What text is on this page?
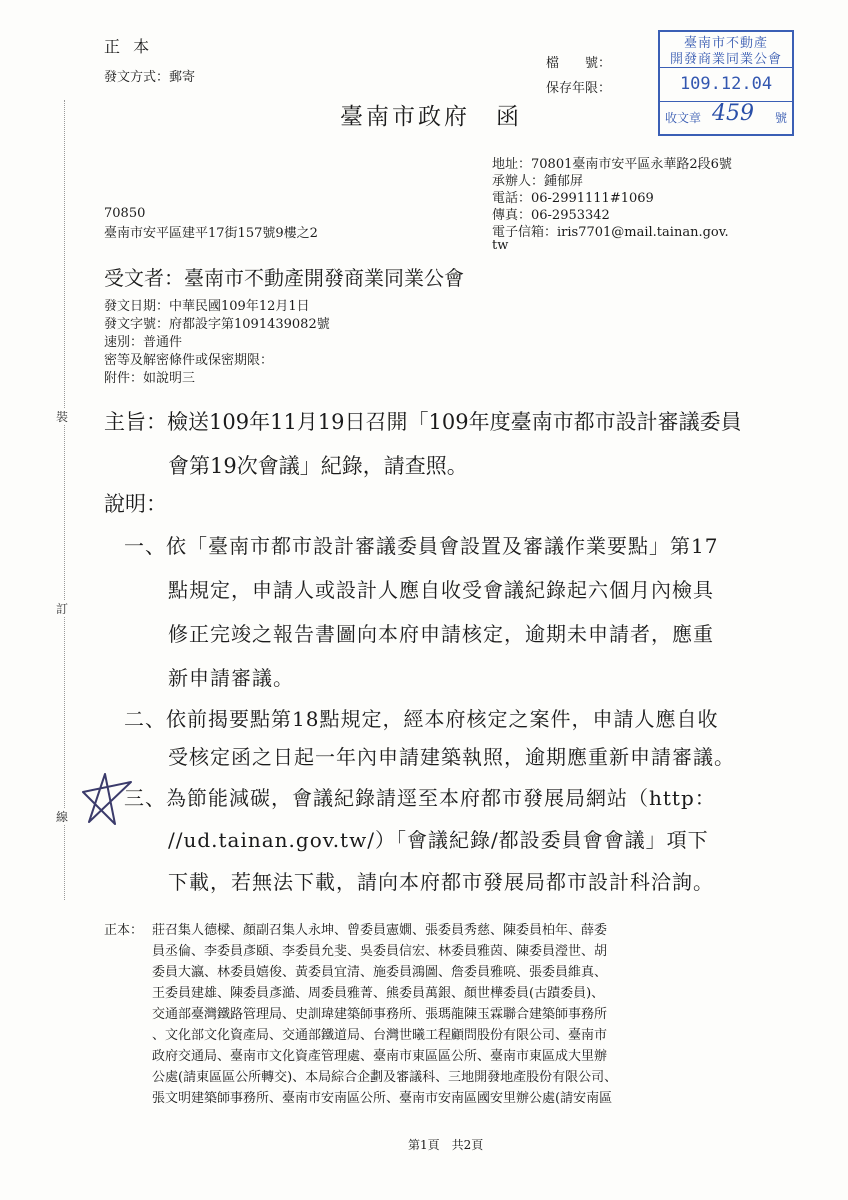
裝
訂
線
正 本
發文方式：郵寄
檔　　號：
保存年限：
臺南市不動產
開發商業同業公會
109.12.04
收文章 459 號
臺南市政府　函
地址：70801臺南市安平區永華路2段6號
承辦人：鍾郁屏
電話：06-2991111#1069
傳真：06-2953342
電子信箱：iris7701@mail.tainan.gov.
tw
70850
臺南市安平區建平17街157號9樓之2
受文者：臺南市不動產開發商業同業公會
發文日期：中華民國109年12月1日
發文字號：府都設字第1091439082號
速別：普通件
密等及解密條件或保密期限：
附件：如說明三
主旨：檢送109年11月19日召開「109年度臺南市都市設計審議委員
會第19次會議」紀錄，請查照。
說明：
一、依「臺南市都市設計審議委員會設置及審議作業要點」第17
點規定，申請人或設計人應自收受會議紀錄起六個月內檢具
修正完竣之報告書圖向本府申請核定，逾期未申請者，應重
新申請審議。
二、依前揭要點第18點規定，經本府核定之案件，申請人應自收
受核定函之日起一年內申請建築執照，逾期應重新申請審議。
三、為節能減碳，會議紀錄請逕至本府都市發展局網站（http：
//ud.tainan.gov.tw/）「會議紀錄/都設委員會會議」項下
下載，若無法下載，請向本府都市發展局都市設計科洽詢。
正本： 莊召集人德樑、顏副召集人永坤、曾委員憲嫺、張委員秀慈、陳委員柏年、薛委
員丞倫、李委員彥頤、李委員允斐、吳委員信宏、林委員雅茵、陳委員瀅世、胡
委員大瀛、林委員嬉俊、黃委員宜清、施委員鴻圖、詹委員雅喨、張委員維真、
王委員建雄、陳委員彥澔、周委員雅菁、熊委員萬銀、顏世樺委員(古蹟委員)、
交通部臺灣鐵路管理局、史訓瑋建築師事務所、張瑪龍陳玉霖聯合建築師事務所
、文化部文化資產局、交通部鐵道局、台灣世曦工程顧問股份有限公司、臺南市
政府交通局、臺南市文化資產管理處、臺南市東區區公所、臺南市東區成大里辦
公處(請東區區公所轉交)、本局綜合企劃及審議科、三地開發地產股份有限公司、
張文明建築師事務所、臺南市安南區公所、臺南市安南區國安里辦公處(請安南區
第1頁　共2頁
